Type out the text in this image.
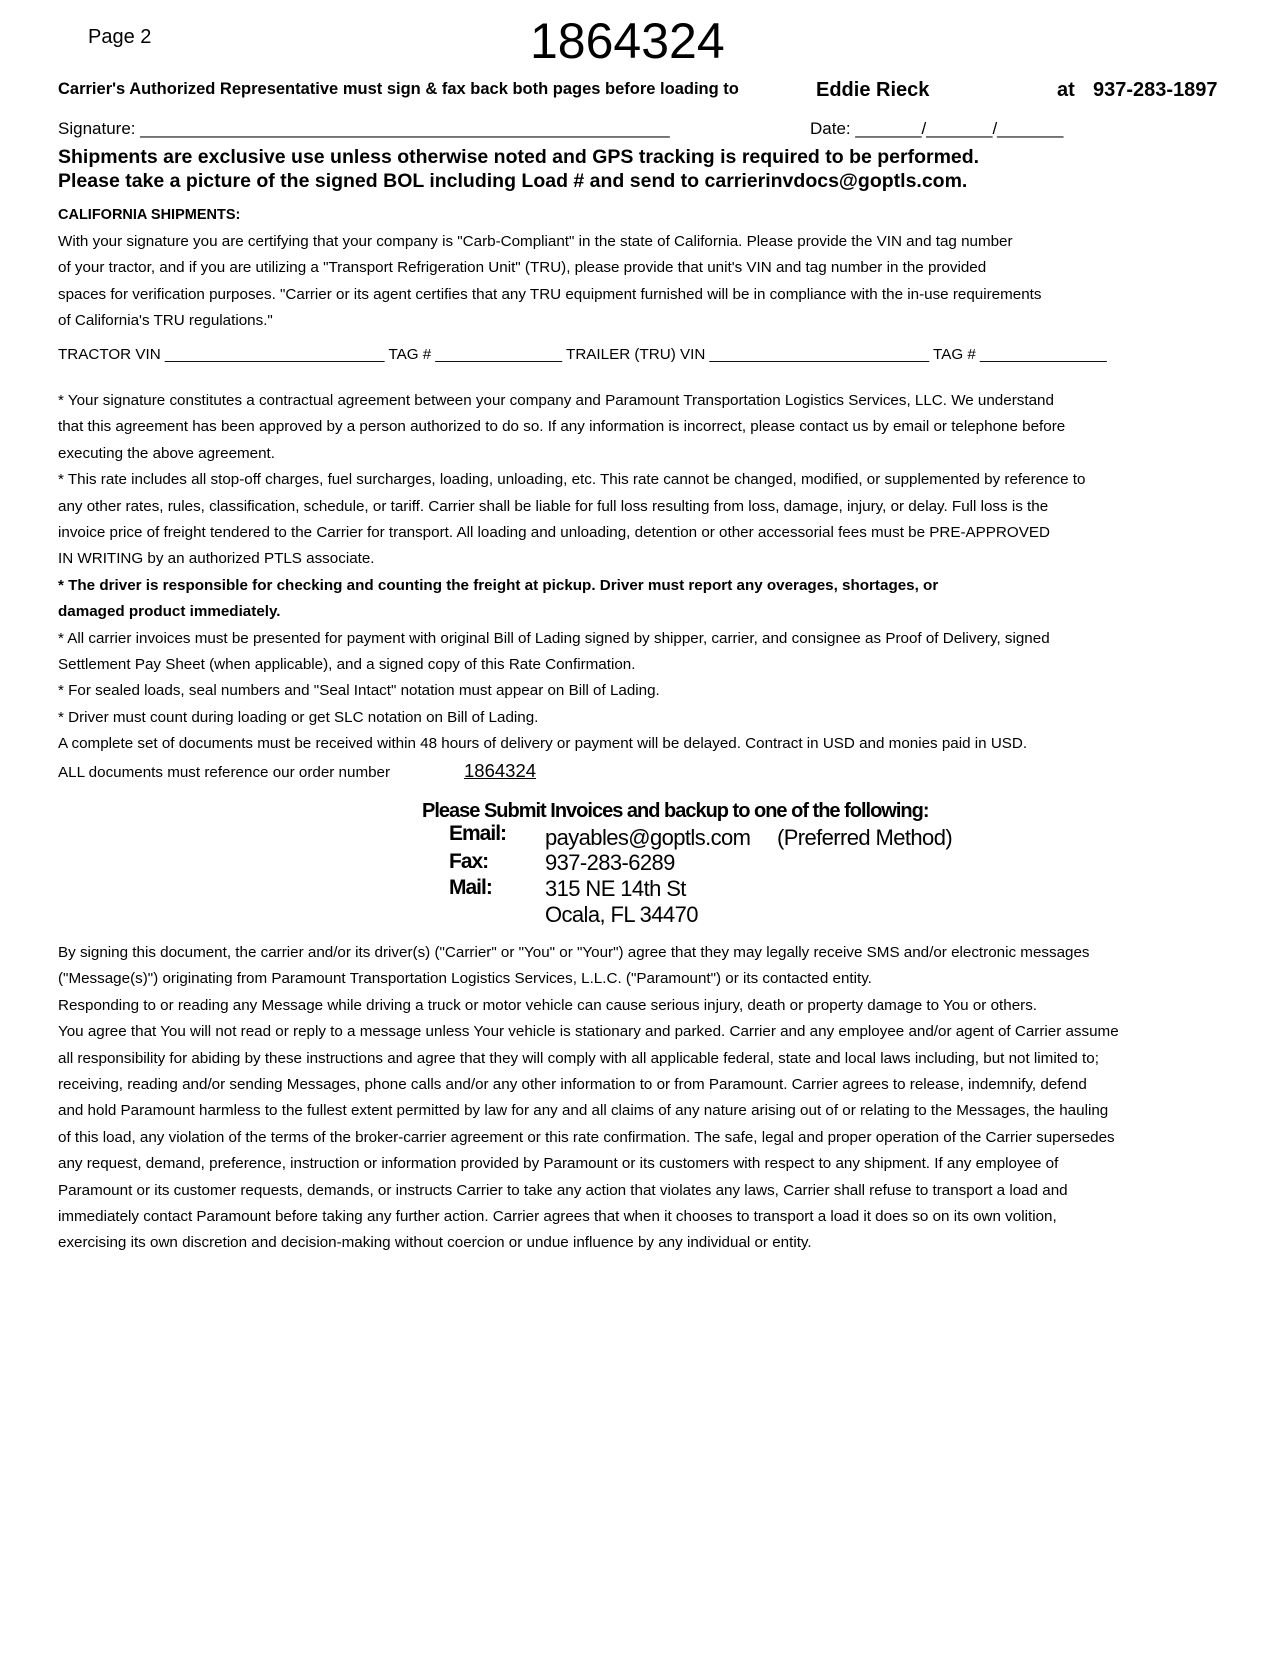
Page 2	1864324
Carrier's Authorized Representative must sign & fax back both pages before loading to	Eddie Rieck	at 937-283-1897
Signature: ________________________________________________________	Date: _______/_______/_______
Shipments are exclusive use unless otherwise noted and GPS tracking is required to be performed.
Please take a picture of the signed BOL including Load # and send to carrierinvdocs@goptls.com.
CALIFORNIA SHIPMENTS:
With your signature you are certifying that your company is "Carb-Compliant" in the state of California. Please provide the VIN and tag number
of your tractor, and if you are utilizing a "Transport Refrigeration Unit" (TRU), please provide that unit's VIN and tag number in the provided
spaces for verification purposes. "Carrier or its agent certifies that any TRU equipment furnished will be in compliance with the in-use requirements
of California's TRU regulations."
TRACTOR VIN __________________________ TAG # _______________ TRAILER (TRU) VIN __________________________ TAG # _______________
* Your signature constitutes a contractual agreement between your company and Paramount Transportation Logistics Services, LLC. We understand
that this agreement has been approved by a person authorized to do so. If any information is incorrect, please contact us by email or telephone before
executing the above agreement.
* This rate includes all stop-off charges, fuel surcharges, loading, unloading, etc. This rate cannot be changed, modified, or supplemented by reference to
any other rates, rules, classification, schedule, or tariff. Carrier shall be liable for full loss resulting from loss, damage, injury, or delay. Full loss is the
invoice price of freight tendered to the Carrier for transport. All loading and unloading, detention or other accessorial fees must be PRE-APPROVED
IN WRITING by an authorized PTLS associate.
* The driver is responsible for checking and counting the freight at pickup. Driver must report any overages, shortages, or
damaged product immediately.
* All carrier invoices must be presented for payment with original Bill of Lading signed by shipper, carrier, and consignee as Proof of Delivery, signed
Settlement Pay Sheet (when applicable), and a signed copy of this Rate Confirmation.
* For sealed loads, seal numbers and "Seal Intact" notation must appear on Bill of Lading.
* Driver must count during loading or get SLC notation on Bill of Lading.
A complete set of documents must be received within 48 hours of delivery or payment will be delayed. Contract in USD and monies paid in USD.
ALL documents must reference our order number	1864324
Please Submit Invoices and backup to one of the following:
Email: payables@goptls.com (Preferred Method)
Fax:	937-283-6289
Mail: 315 NE 14th St
Ocala, FL 34470
By signing this document, the carrier and/or its driver(s) ("Carrier" or "You" or "Your") agree that they may legally receive SMS and/or electronic messages
("Message(s)") originating from Paramount Transportation Logistics Services, L.L.C. ("Paramount") or its contacted entity.
Responding to or reading any Message while driving a truck or motor vehicle can cause serious injury, death or property damage to You or others.
You agree that You will not read or reply to a message unless Your vehicle is stationary and parked. Carrier and any employee and/or agent of Carrier assume
all responsibility for abiding by these instructions and agree that they will comply with all applicable federal, state and local laws including, but not limited to;
receiving, reading and/or sending Messages, phone calls and/or any other information to or from Paramount. Carrier agrees to release, indemnify, defend
and hold Paramount harmless to the fullest extent permitted by law for any and all claims of any nature arising out of or relating to the Messages, the hauling
of this load, any violation of the terms of the broker-carrier agreement or this rate confirmation. The safe, legal and proper operation of the Carrier supersedes
any request, demand, preference, instruction or information provided by Paramount or its customers with respect to any shipment. If any employee of
Paramount or its customer requests, demands, or instructs Carrier to take any action that violates any laws, Carrier shall refuse to transport a load and
immediately contact Paramount before taking any further action. Carrier agrees that when it chooses to transport a load it does so on its own volition,
exercising its own discretion and decision-making without coercion or undue influence by any individual or entity.
